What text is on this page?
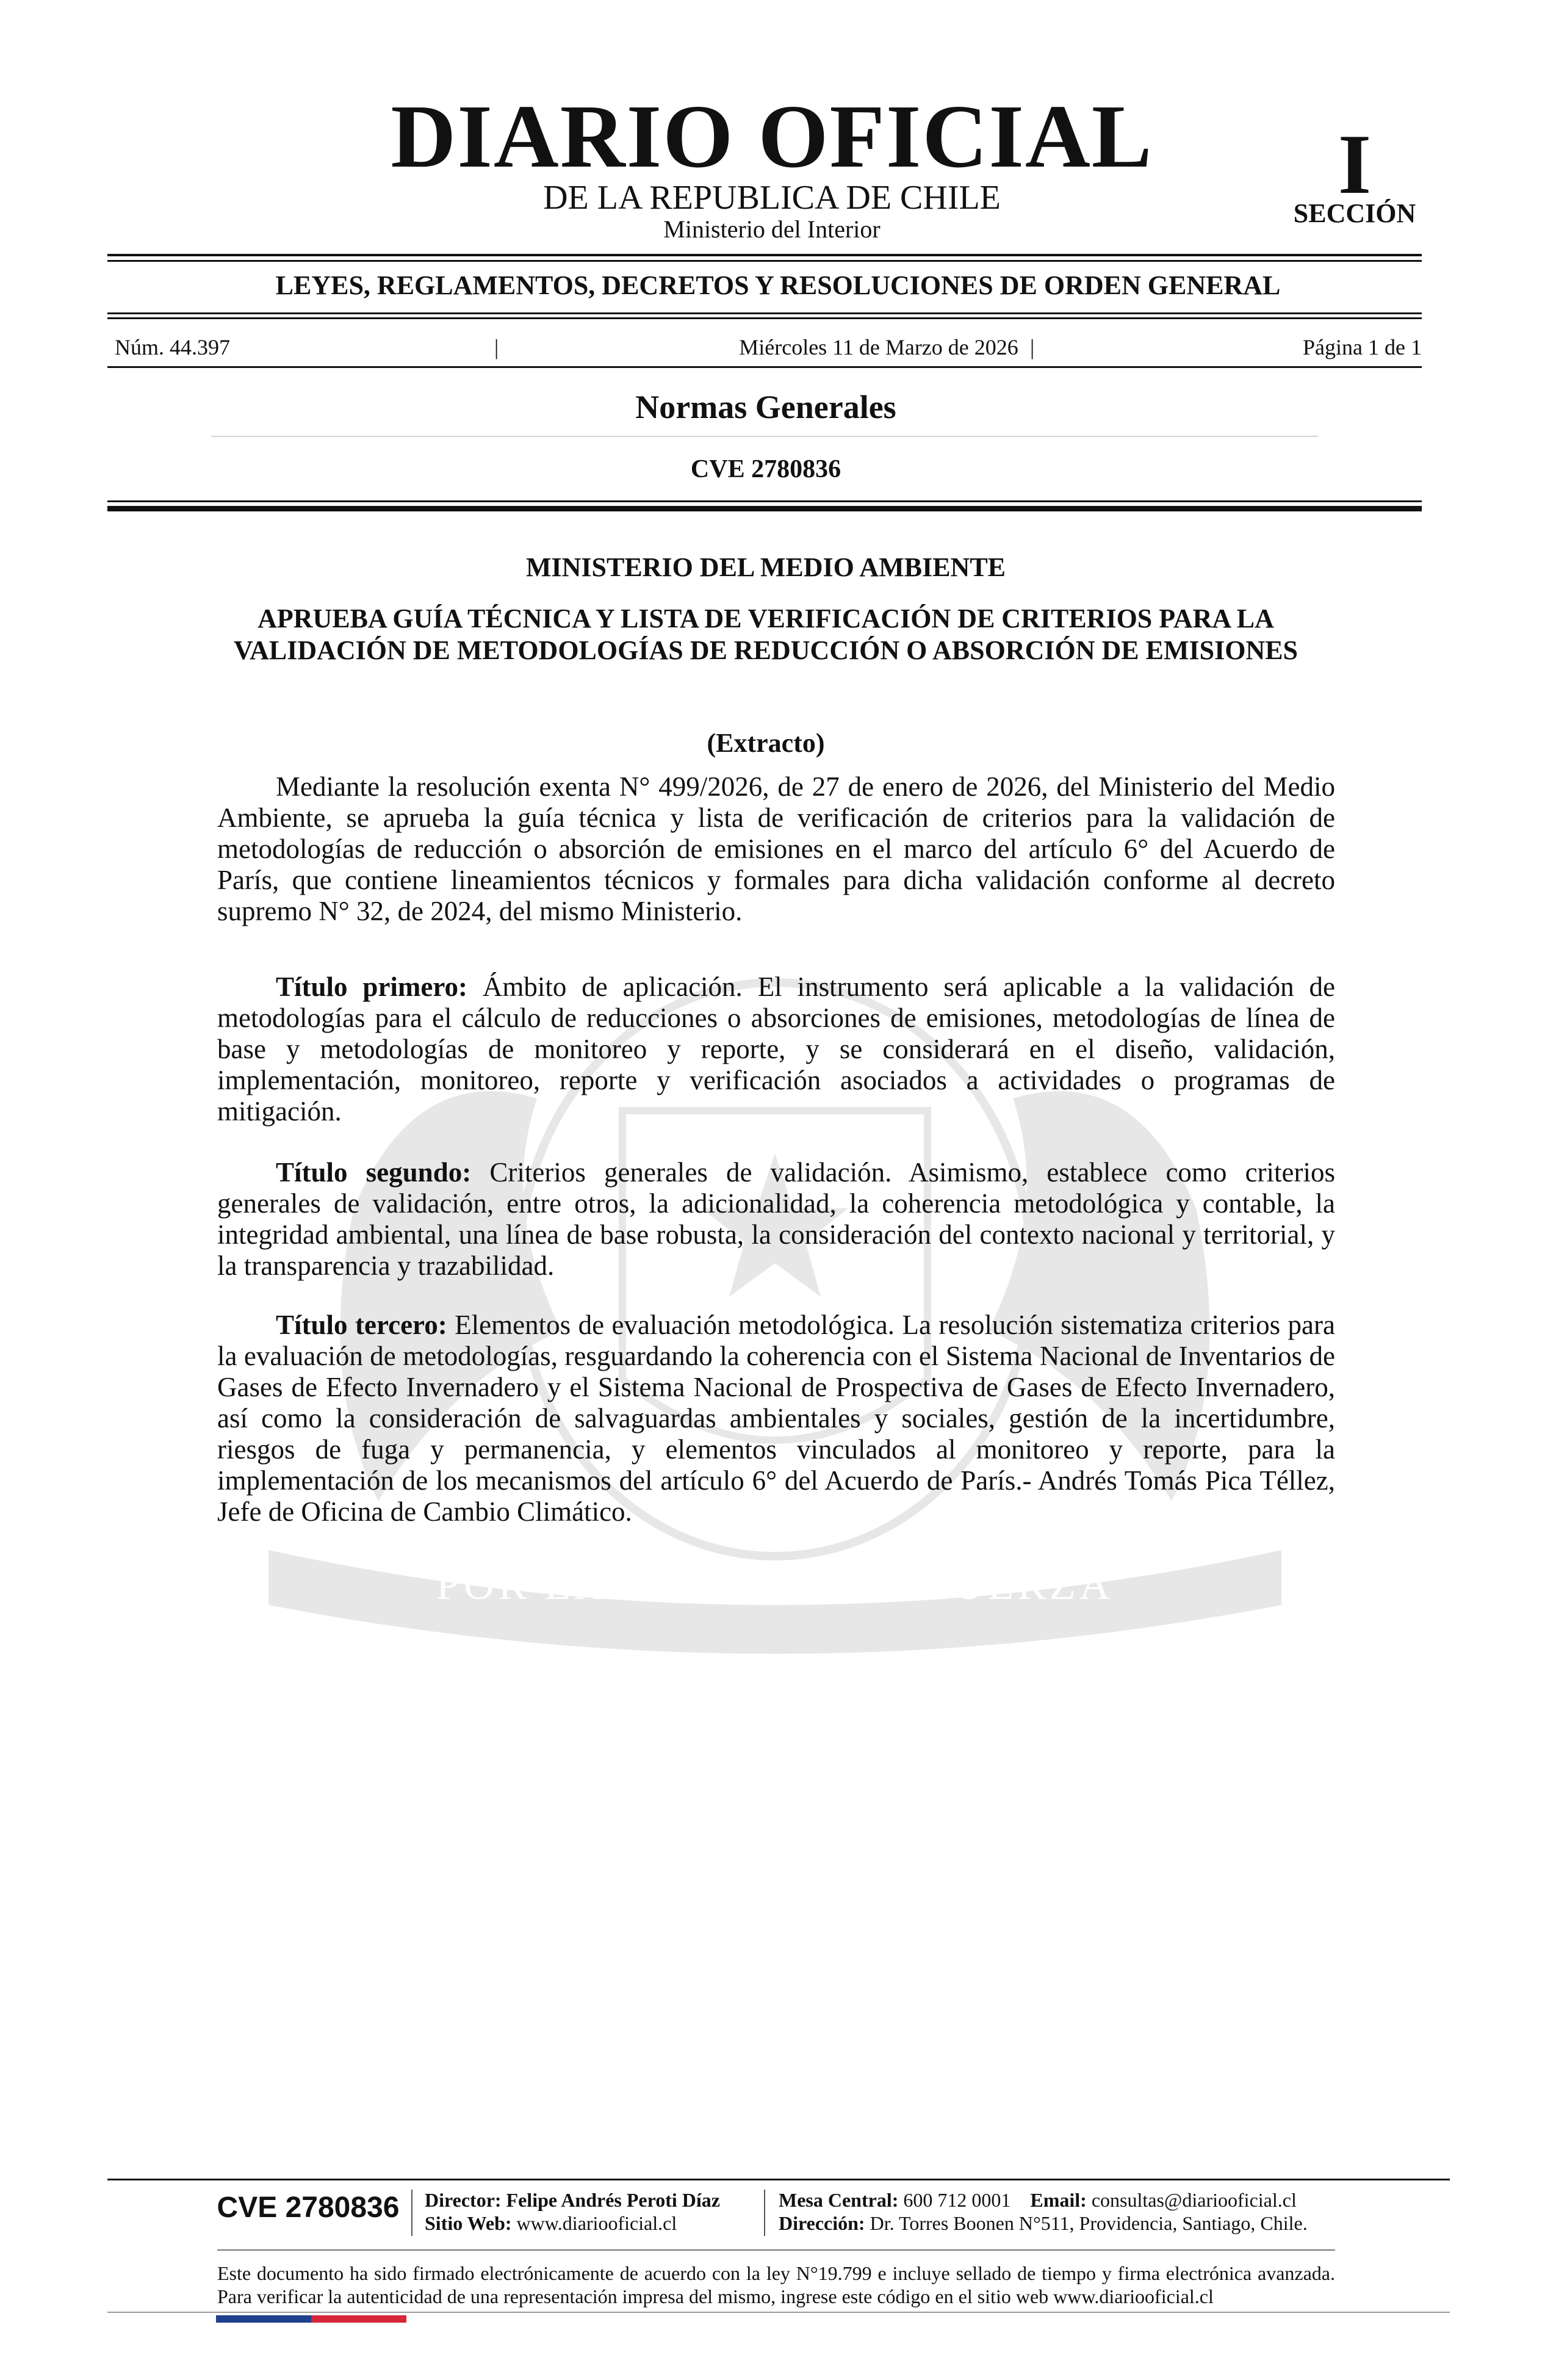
POR LA RAZON O LA FUERZA
DIARIO OFICIAL
DE LA REPUBLICA DE CHILE
Ministerio del Interior
I
SECCIÓN
LEYES, REGLAMENTOS, DECRETOS Y RESOLUCIONES DE ORDEN GENERAL
Núm. 44.397	|	Miércoles 11 de Marzo de 2026 |	Página 1 de 1
Normas Generales
CVE 2780836
MINISTERIO DEL MEDIO AMBIENTE
APRUEBA GUÍA TÉCNICA Y LISTA DE VERIFICACIÓN DE CRITERIOS PARA LA VALIDACIÓN DE METODOLOGÍAS DE REDUCCIÓN O ABSORCIÓN DE EMISIONES
(Extracto)

Mediante la resolución exenta N° 499/2026, de 27 de enero de 2026, del Ministerio del Medio Ambiente, se aprueba la guía técnica y lista de verificación de criterios para la validación de metodologías de reducción o absorción de emisiones en el marco del artículo 6° del Acuerdo de París, que contiene lineamientos técnicos y formales para dicha validación conforme al decreto supremo N° 32, de 2024, del mismo Ministerio.

Título primero: Ámbito de aplicación. El instrumento será aplicable a la validación de metodologías para el cálculo de reducciones o absorciones de emisiones, metodologías de línea de base y metodologías de monitoreo y reporte, y se considerará en el diseño, validación, implementación, monitoreo, reporte y verificación asociados a actividades o programas de mitigación.

Título segundo: Criterios generales de validación. Asimismo, establece como criterios generales de validación, entre otros, la adicionalidad, la coherencia metodológica y contable, la integridad ambiental, una línea de base robusta, la consideración del contexto nacional y territorial, y la transparencia y trazabilidad.

Título tercero: Elementos de evaluación metodológica. La resolución sistematiza criterios para la evaluación de metodologías, resguardando la coherencia con el Sistema Nacional de Inventarios de Gases de Efecto Invernadero y el Sistema Nacional de Prospectiva de Gases de Efecto Invernadero, así como la consideración de salvaguardas ambientales y sociales, gestión de la incertidumbre, riesgos de fuga y permanencia, y elementos vinculados al monitoreo y reporte, para la implementación de los mecanismos del artículo 6° del Acuerdo de París.- Andrés Tomás Pica Téllez, Jefe de Oficina de Cambio Climático.

CVE 2780836	Director: Felipe Andrés Peroti Díaz
Sitio Web: www.diariooficial.cl
Mesa Central: 600 712 0001 Email: consultas@diariooficial.cl
Dirección: Dr. Torres Boonen N°511, Providencia, Santiago, Chile.
Este documento ha sido firmado electrónicamente de acuerdo con la ley N°19.799 e incluye sellado de tiempo y firma electrónica avanzada. Para verificar la autenticidad de una representación impresa del mismo, ingrese este código en el sitio web www.diariooficial.cl
